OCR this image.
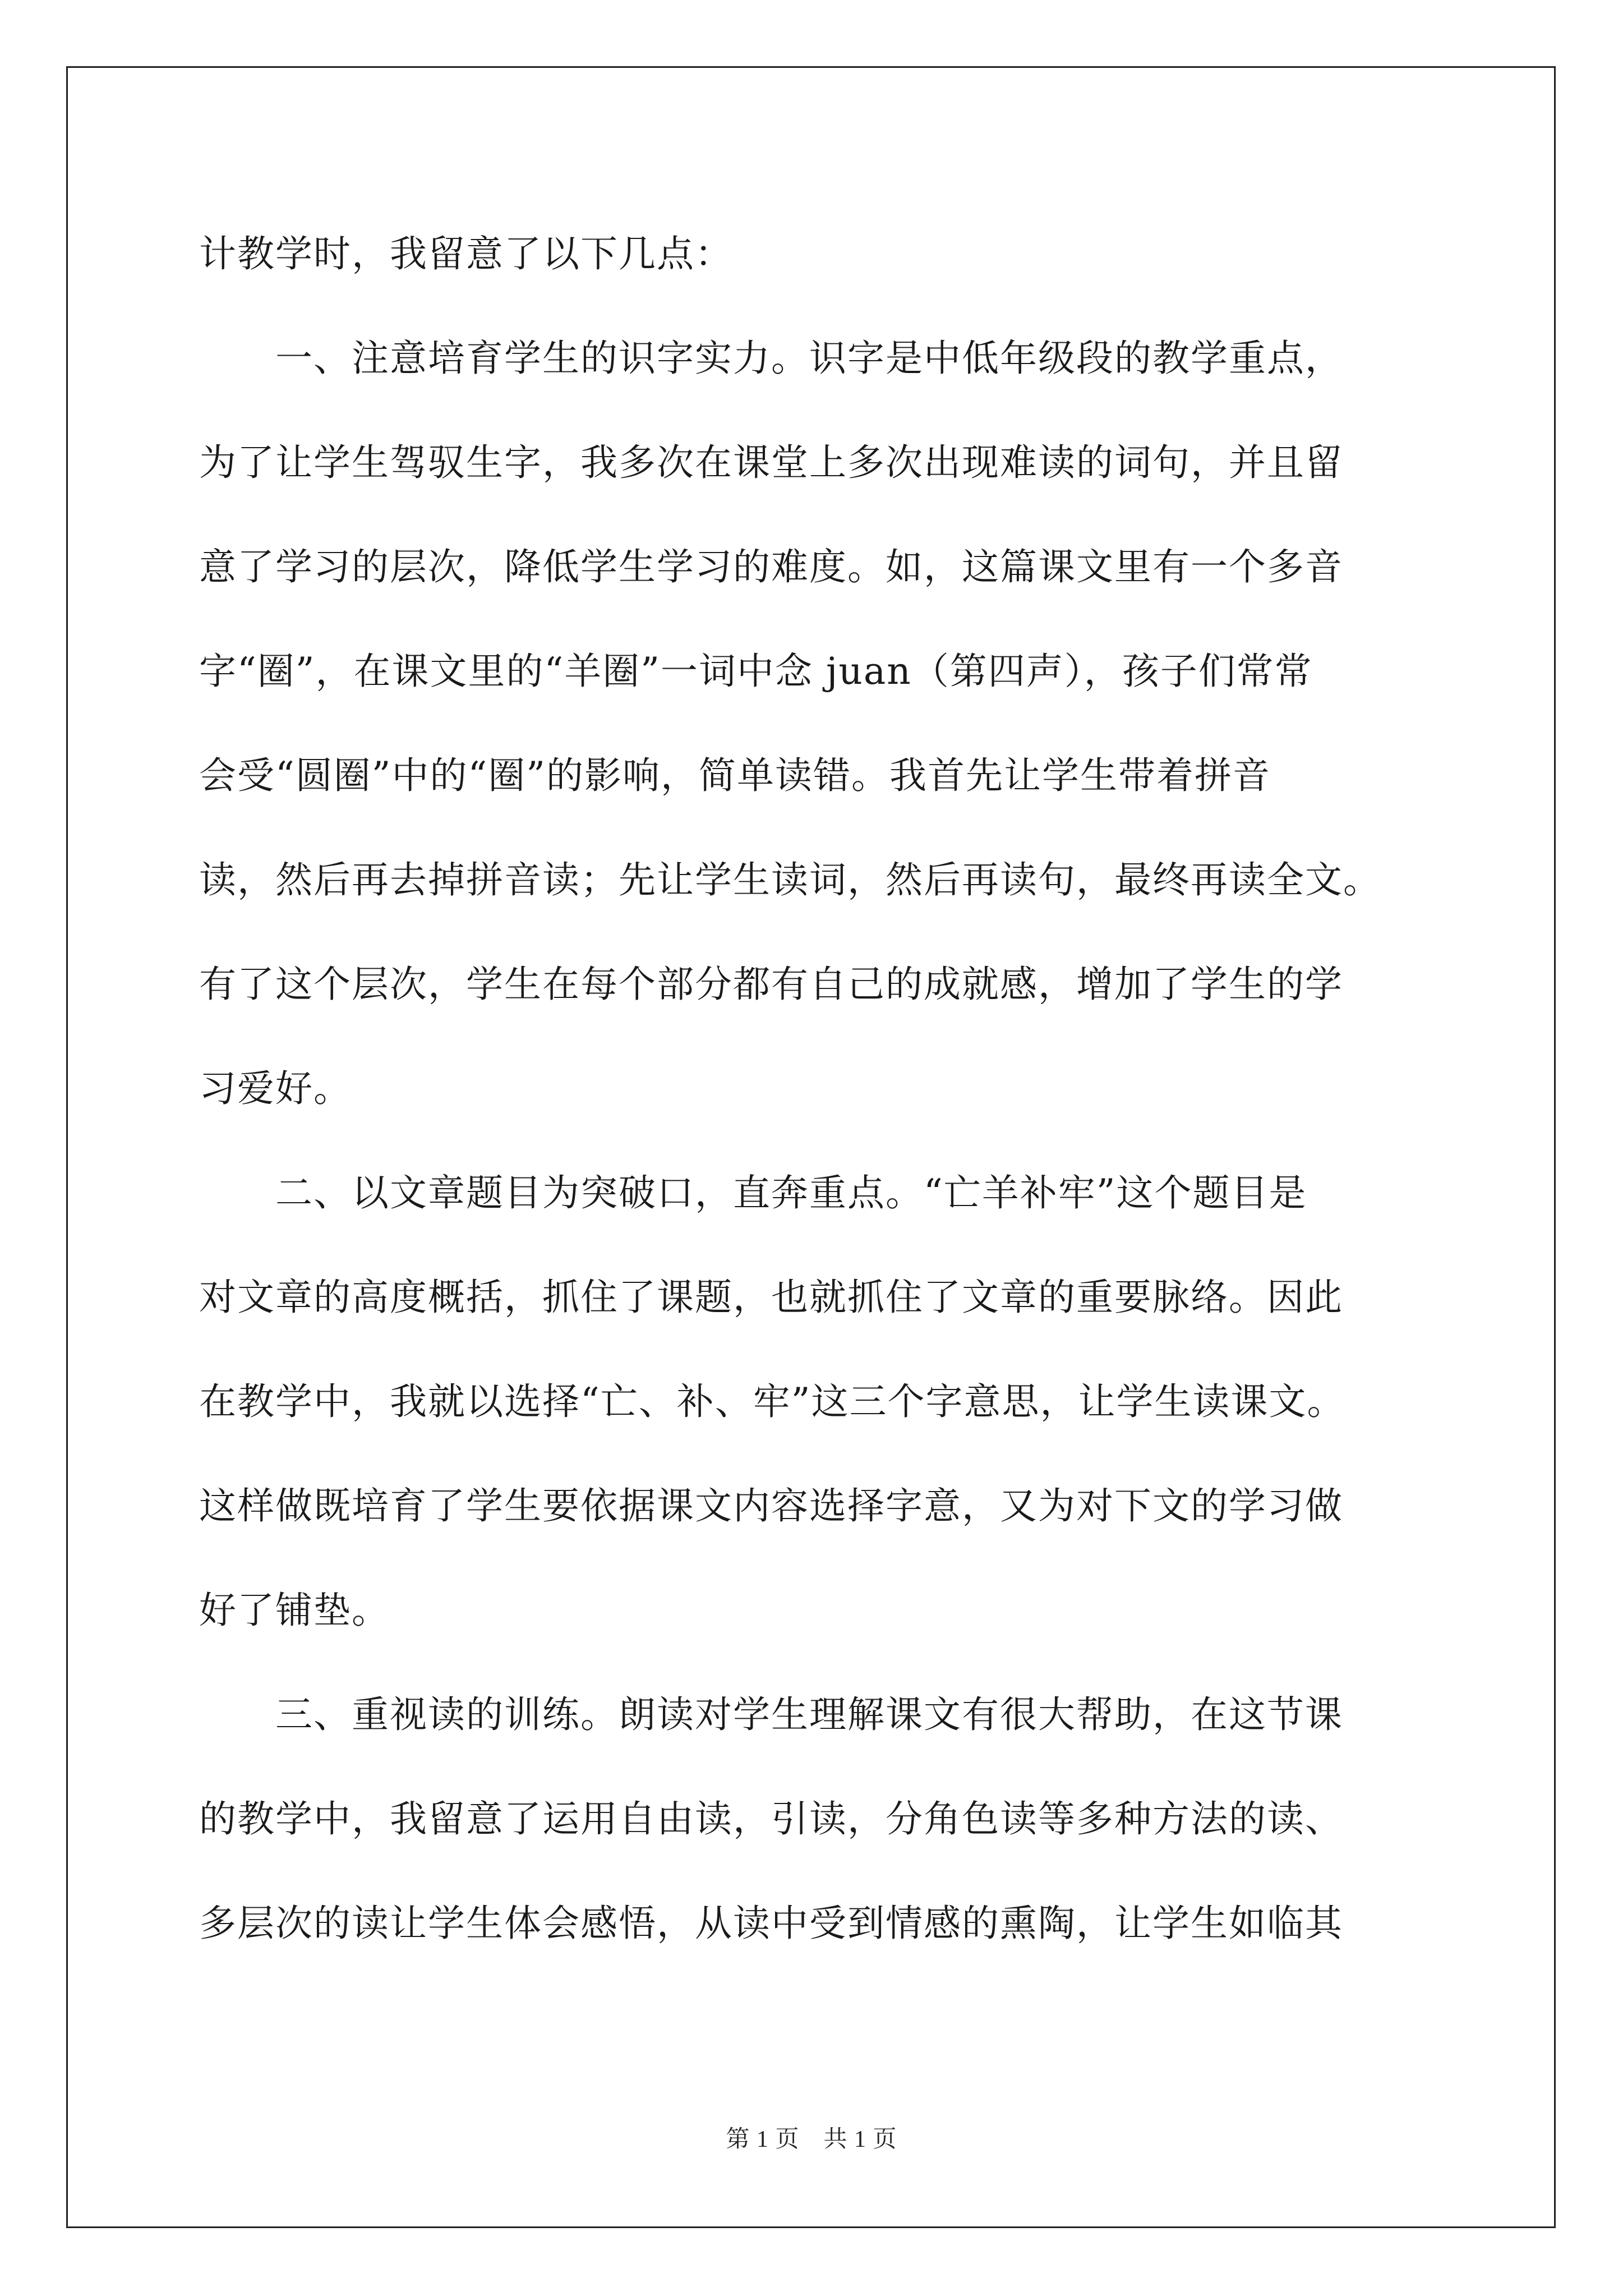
计教学时，我留意了以下几点：
　　一、注意培育学生的识字实力。识字是中低年级段的教学重点，
为了让学生驾驭生字，我多次在课堂上多次出现难读的词句，并且留
意了学习的层次，降低学生学习的难度。如，这篇课文里有一个多音
字“圈”，在课文里的“羊圈”一词中念 juan（第四声），孩子们常常
会受“圆圈”中的“圈”的影响，简单读错。我首先让学生带着拼音
读，然后再去掉拼音读；先让学生读词，然后再读句，最终再读全文。
有了这个层次，学生在每个部分都有自己的成就感，增加了学生的学
习爱好。
　　二、以文章题目为突破口，直奔重点。“亡羊补牢”这个题目是
对文章的高度概括，抓住了课题，也就抓住了文章的重要脉络。因此
在教学中，我就以选择“亡、补、牢”这三个字意思，让学生读课文。
这样做既培育了学生要依据课文内容选择字意，又为对下文的学习做
好了铺垫。
　　三、重视读的训练。朗读对学生理解课文有很大帮助，在这节课
的教学中，我留意了运用自由读，引读，分角色读等多种方法的读、
多层次的读让学生体会感悟，从读中受到情感的熏陶，让学生如临其
第 1 页　共 1 页
